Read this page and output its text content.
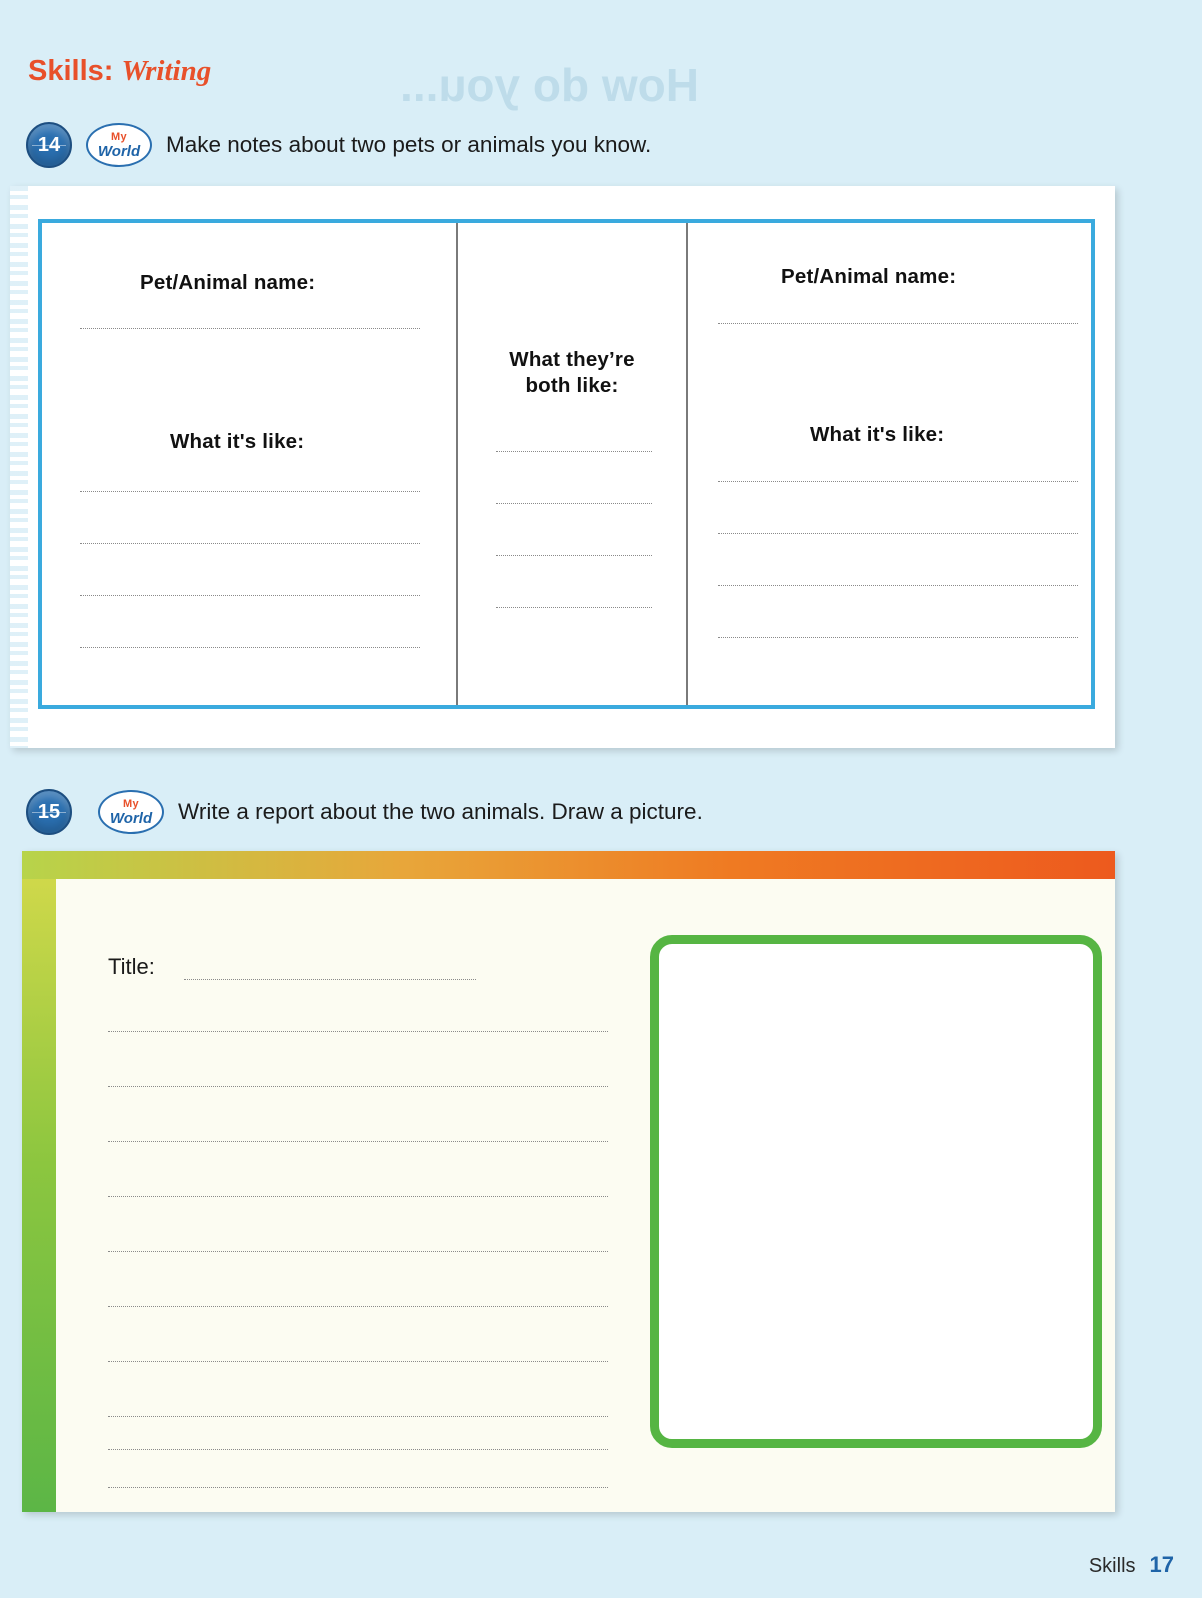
How do you...
Skills: Writing
14	My
World Make notes about two pets or animals you know.
Pet/Animal name:
What it's like:
What they’re
both like:
Pet/Animal name:
What it's like:
15	My
World Write a report about the two animals. Draw a picture.
Title:
Skills 17
